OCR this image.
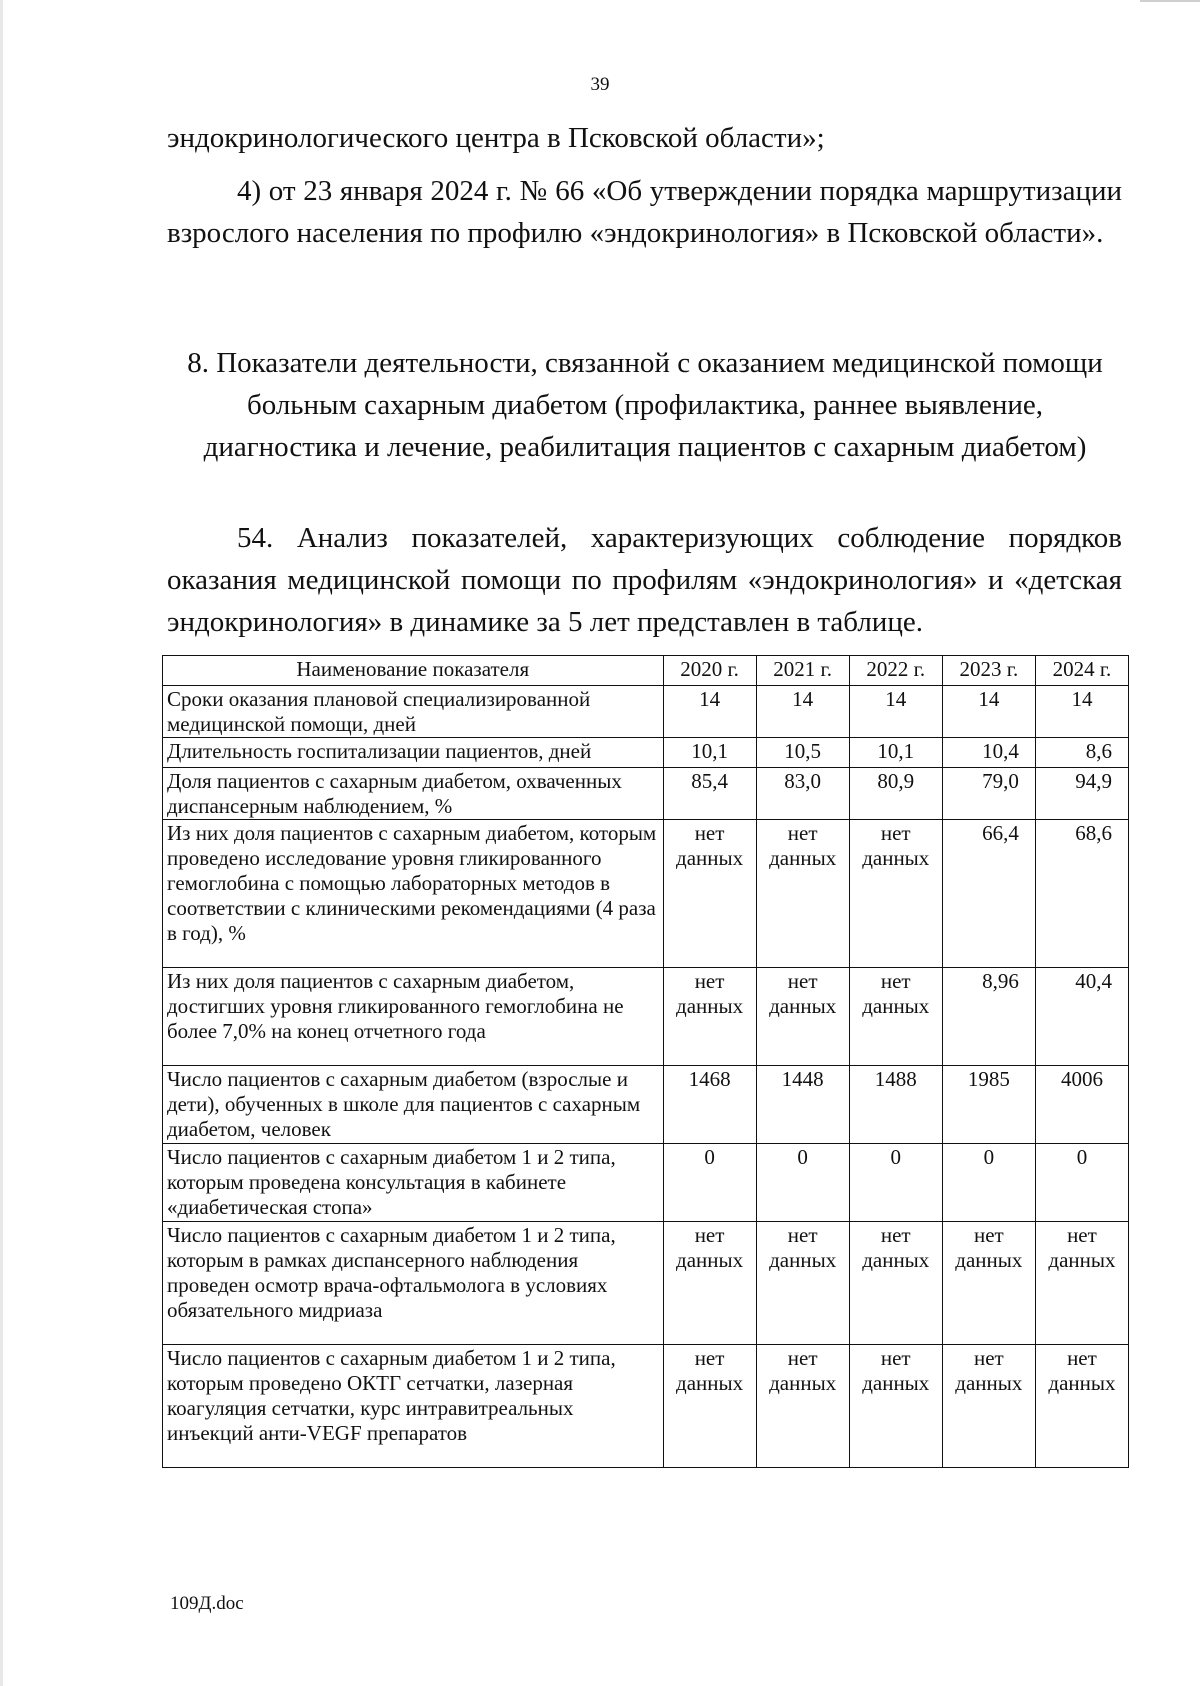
39
эндокринологического центра в Псковской области»;
4) от 23 января 2024 г. № 66 «Об утверждении порядка маршрутизации взрослого населения по профилю «эндокринология» в Псковской области».
8. Показатели деятельности, связанной с оказанием медицинской помощи
больным сахарным диабетом (профилактика, раннее выявление,
диагностика и лечение, реабилитация пациентов с сахарным диабетом)
54. Анализ показателей, характеризующих соблюдение порядков оказания медицинской помощи по профилям «эндокринология» и «детская эндокринология» в динамике за 5 лет представлен в таблице.
Наименование показателя	2020 г.	2021 г.	2022 г.	2023 г.	2024 г.
Сроки оказания плановой специализированной медицинской помощи, дней	14	14	14	14	14
Длительность госпитализации пациентов, дней	10,1	10,5	10,1	10,4	8,6
Доля пациентов с сахарным диабетом, охваченных диспансерным наблюдением, %	85,4	83,0	80,9	79,0	94,9
Из них доля пациентов с сахарным диабетом, которым проведено исследование уровня гликированного гемоглобина с помощью лабораторных методов в соответствии с клиническими рекомендациями (4 раза в год), %	нет данных	нет данных	нет данных	66,4	68,6
Из них доля пациентов с сахарным диабетом, достигших уровня гликированного гемоглобина не более 7,0% на конец отчетного года	нет данных	нет данных	нет данных	8,96	40,4
Число пациентов с сахарным диабетом (взрослые и дети), обученных в школе для пациентов с сахарным диабетом, человек	1468	1448	1488	1985	4006
Число пациентов с сахарным диабетом 1 и 2 типа, которым проведена консультация в кабинете «диабетическая стопа»	0	0	0	0	0
Число пациентов с сахарным диабетом 1 и 2 типа, которым в рамках диспансерного наблюдения проведен осмотр врача-офтальмолога в условиях обязательного мидриаза	нет данных	нет данных	нет данных	нет данных	нет данных
Число пациентов с сахарным диабетом 1 и 2 типа, которым проведено ОКТГ сетчатки, лазерная коагуляция сетчатки, курс интравитреальных инъекций анти-VEGF препаратов	нет данных	нет данных	нет данных	нет данных	нет данных
109Д.doc
